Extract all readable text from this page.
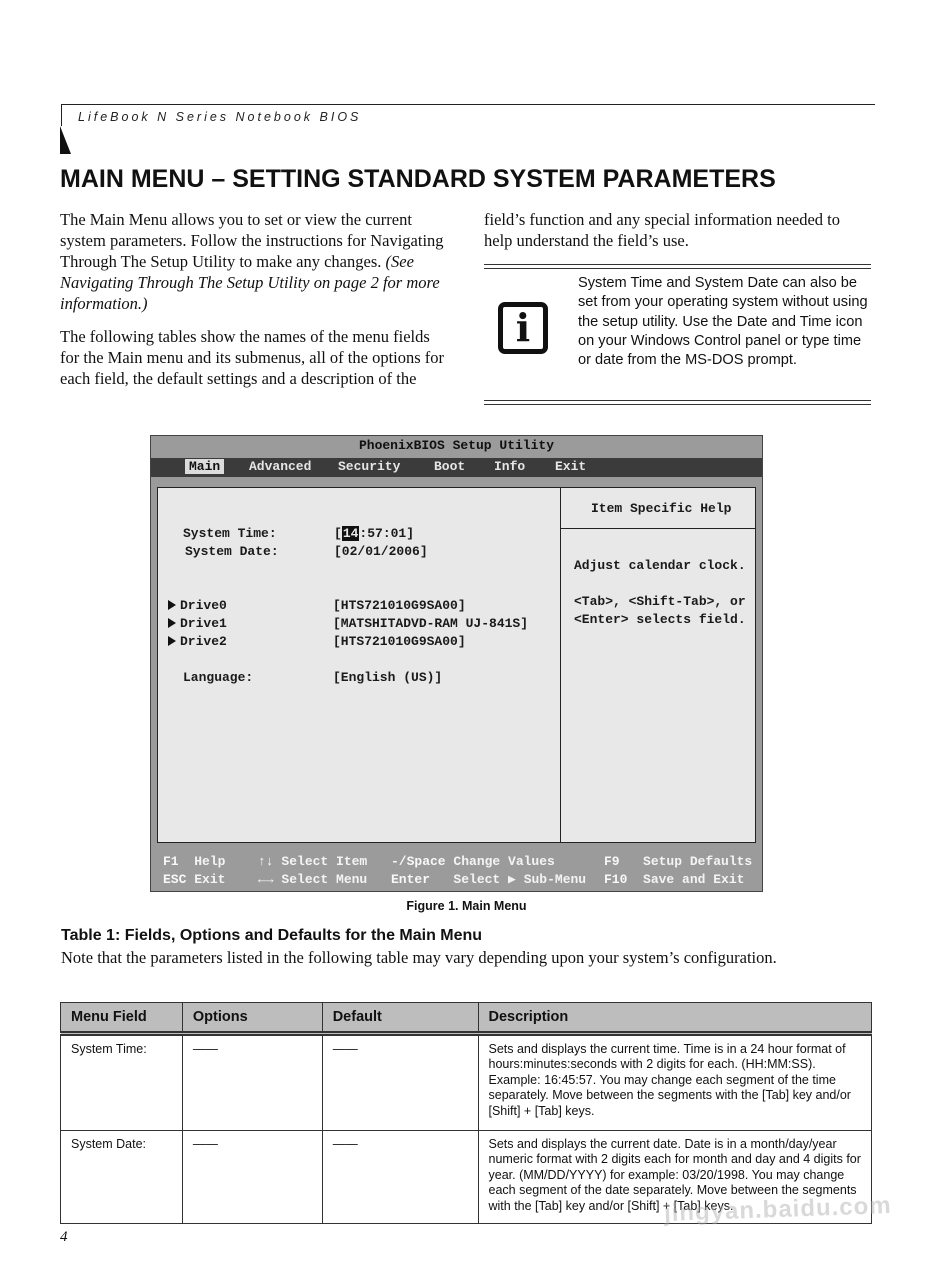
LifeBook N Series Notebook BIOS
MAIN MENU – SETTING STANDARD SYSTEM PARAMETERS

The Main Menu allows you to set or view the current system parameters. Follow the instructions for Navigating Through The Setup Utility to make any changes. (See Navigating Through The Setup Utility on page 2 for more information.)

The following tables show the names of the menu fields for the Main menu and its submenus, all of the options for each field, the default settings and a description of the

field’s function and any special information needed to help understand the field’s use.

i
System Time and System Date can also be set from your operating system without using the setup utility. Use the Date and Time icon on your Windows Control panel or type time or date from the MS-DOS prompt.
PhoenixBIOS Setup Utility
Main	Advanced Security	Boot Info Exit
System Time:	[14:57:01]
System Date:	[02/01/2006]
Drive0	[HTS721010G9SA00]
Drive1	[MATSHITADVD-RAM UJ-841S]
Drive2	[HTS721010G9SA00]
Language:	[English (US)]
Item Specific Help
Adjust calendar clock.
<Tab>, <Shift-Tab>, or
<Enter> selects field.
F1 Help	↑↓ Select Item -/Space Change Values	F9 Setup Defaults
ESC Exit	←→ Select Menu Enter Select ▶ Sub-Menu F10 Save and Exit
Figure 1. Main Menu
Table 1: Fields, Options and Defaults for the Main Menu
Note that the parameters listed in the following table may vary depending upon your system’s configuration.
Menu Field	Options	Default	Description
System Time:	——	——	Sets and displays the current time. Time is in a 24 hour format of hours:minutes:seconds with 2 digits for each. (HH:MM:SS). Example: 16:45:57. You may change each segment of the time separately. Move between the segments with the [Tab] key and/or [Shift] + [Tab] keys.
System Date:	——	——	Sets and displays the current date. Date is in a month/day/year numeric format with 2 digits each for month and day and 4 digits for year. (MM/DD/YYYY) for example: 03/20/1998. You may change each segment of the date separately. Move between the segments with the [Tab] key and/or [Shift] + [Tab] keys.
4
jingyan.baidu.com
